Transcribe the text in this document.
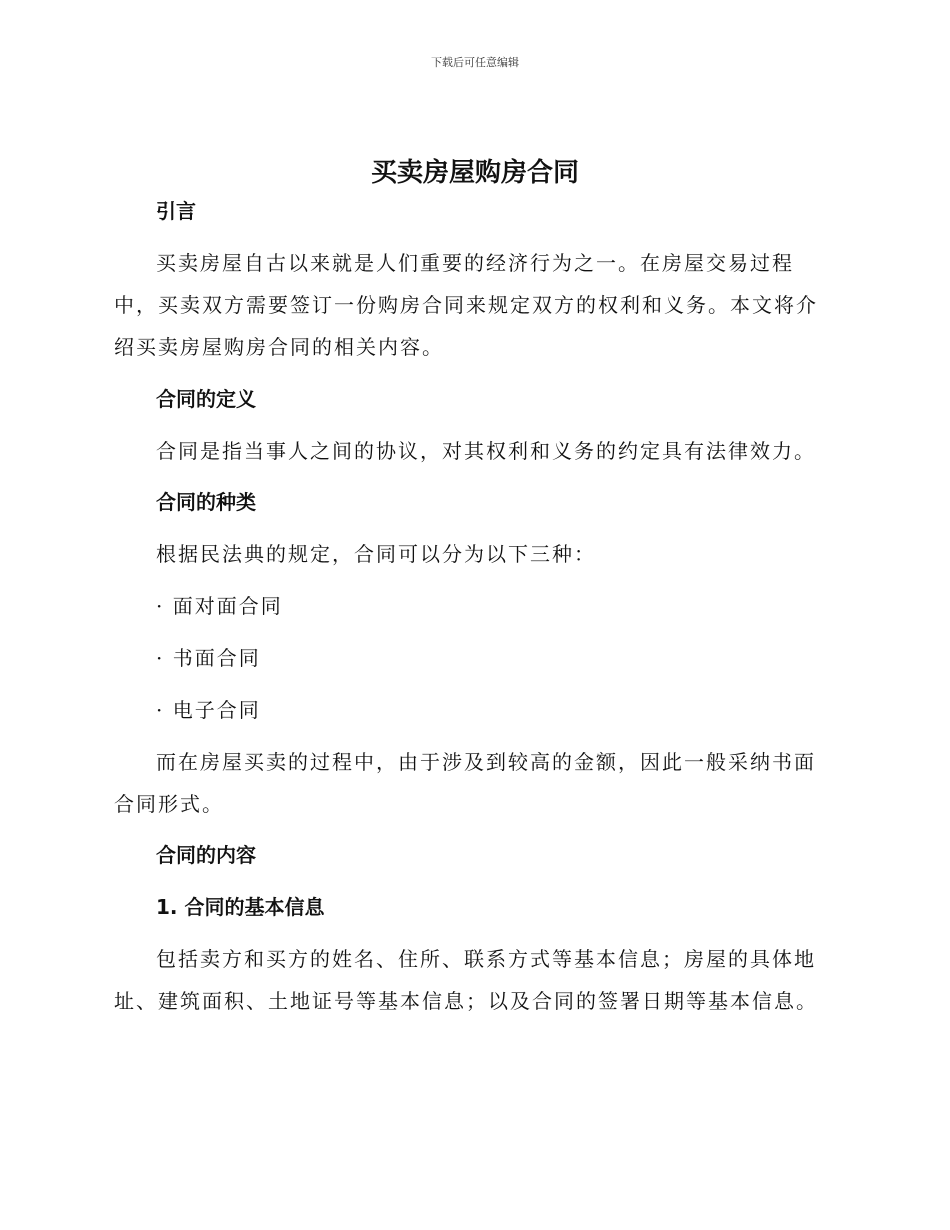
下载后可任意编辑
买卖房屋购房合同
引言
买卖房屋自古以来就是人们重要的经济行为之一。在房屋交易过程中，买卖双方需要签订一份购房合同来规定双方的权利和义务。本文将介绍买卖房屋购房合同的相关内容。
合同的定义
合同是指当事人之间的协议，对其权利和义务的约定具有法律效力。
合同的种类
根据民法典的规定，合同可以分为以下三种：
· 面对面合同
· 书面合同
· 电子合同
而在房屋买卖的过程中，由于涉及到较高的金额，因此一般采纳书面合同形式。
合同的内容
1. 合同的基本信息
包括卖方和买方的姓名、住所、联系方式等基本信息；房屋的具体地址、建筑面积、土地证号等基本信息；以及合同的签署日期等基本信息。
